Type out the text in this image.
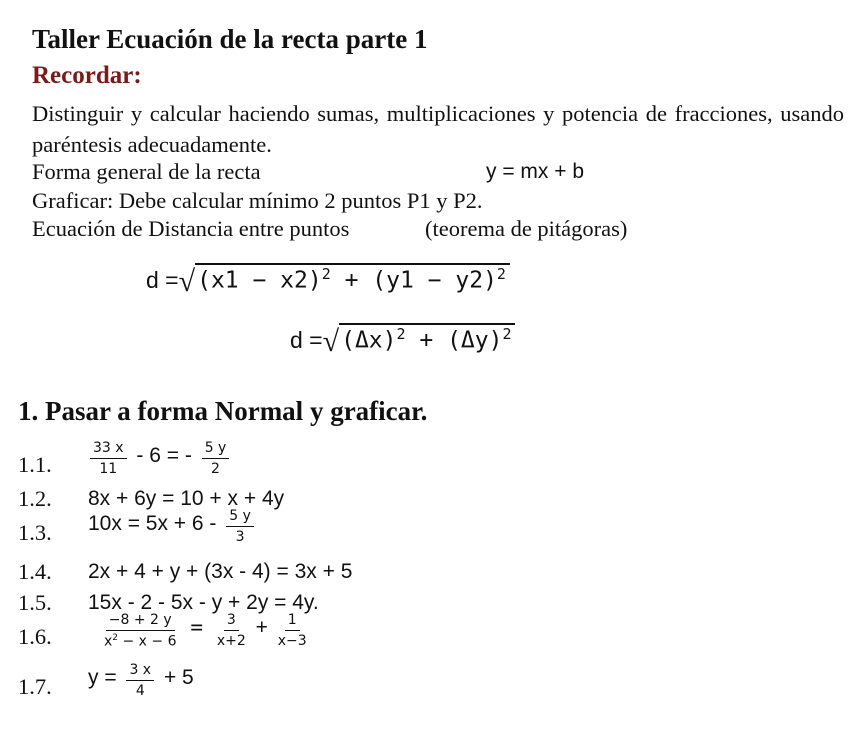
Taller Ecuación de la recta parte 1
Recordar:
Distinguir y calcular haciendo sumas, multiplicaciones y potencia de fracciones, usando paréntesis adecuadamente.
Forma general de la recta	y = mx + b
Graficar: Debe calcular mínimo 2 puntos P1 y P2.
Ecuación de Distancia entre puntos	(teorema de pitágoras)
$d =√(x1 - x2)^2 + (y1 - y2)^2$
$d =√(\Delta x)^2 + (\Delta y)^2$
1. Pasar a forma Normal y graficar.
1.1.	$\frac{33 x}{11} - 6$ = - $\frac{5 y}{2}$
1.2. 8x + 6y = 10 + x + 4y
1.3. $10x = 5x + 6 - \frac{5 y}{3}$
1.4. 2x + 4 + y + (3x - 4) = 3x + 5
1.5. 15x - 2 - 5x - y + 2y = 4y.
1.6.	$\frac{-8 + 2 y}{x^2 - x - 6} = \frac{3}{x+2} + \frac{1}{x-3}$
1.7. $y = \frac{3 x}{4} + 5$
